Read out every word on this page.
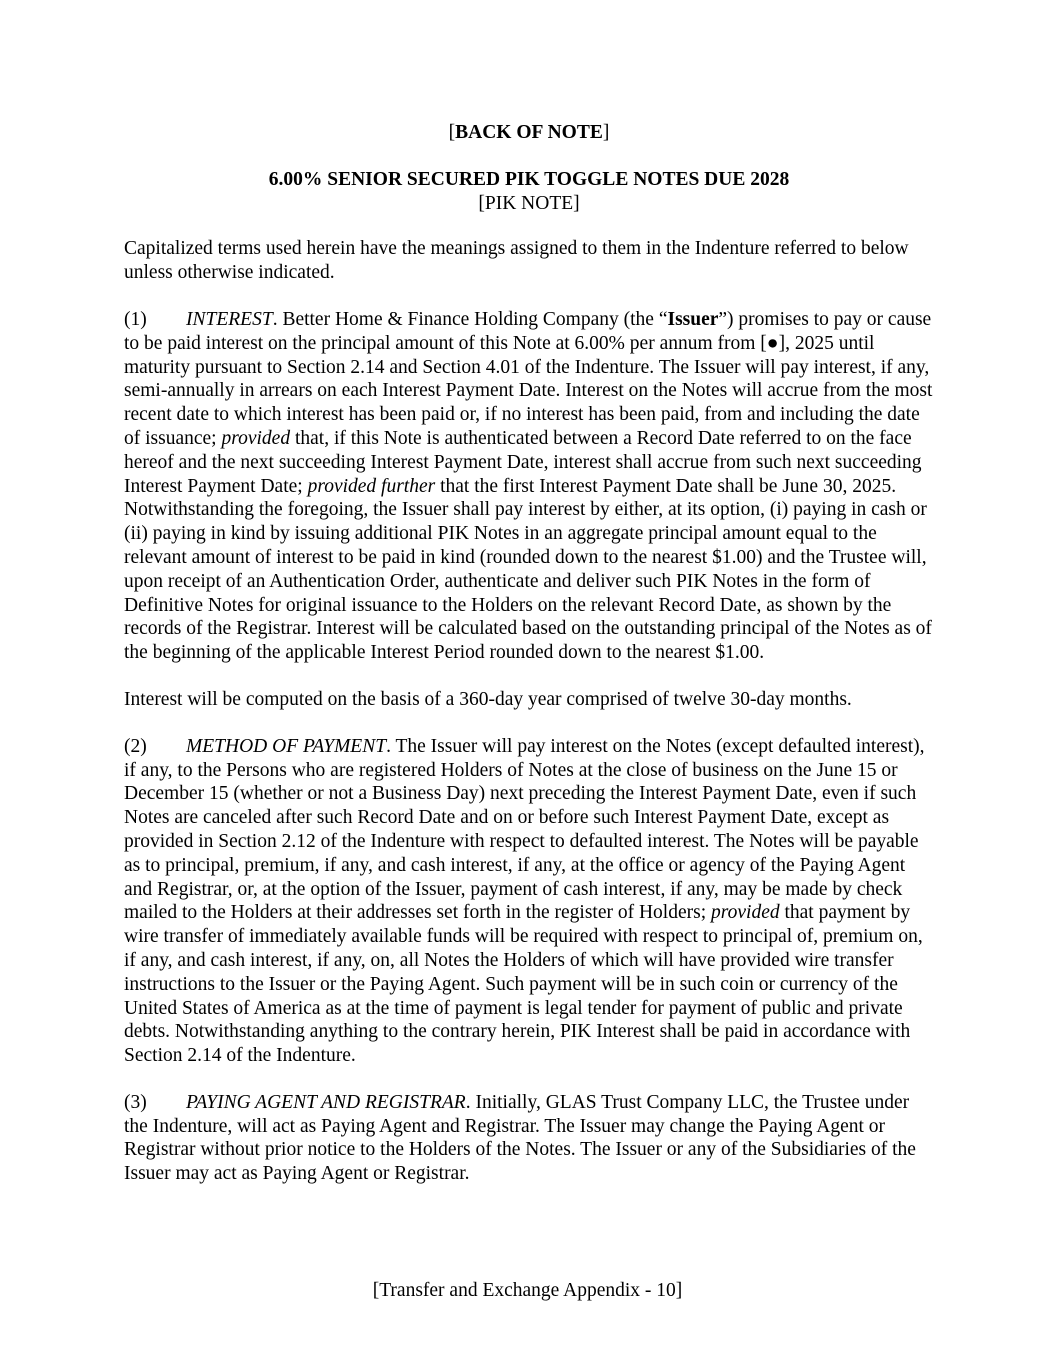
[BACK OF NOTE]

6.00% SENIOR SECURED PIK TOGGLE NOTES DUE 2028

[PIK NOTE]

Capitalized terms used herein have the meanings assigned to them in the Indenture referred to below unless otherwise indicated.

(1) INTEREST. Better Home & Finance Holding Company (the “Issuer”) promises to pay or cause to be paid interest on the principal amount of this Note at 6.00% per annum from [●], 2025 until maturity pursuant to Section 2.14 and Section 4.01 of the Indenture. The Issuer will pay interest, if any, semi-annually in arrears on each Interest Payment Date. Interest on the Notes will accrue from the most recent date to which interest has been paid or, if no interest has been paid, from and including the date of issuance; provided that, if this Note is authenticated between a Record Date referred to on the face hereof and the next succeeding Interest Payment Date, interest shall accrue from such next succeeding Interest Payment Date; provided further that the first Interest Payment Date shall be June 30, 2025. Notwithstanding the foregoing, the Issuer shall pay interest by either, at its option, (i) paying in cash or (ii) paying in kind by issuing additional PIK Notes in an aggregate principal amount equal to the relevant amount of interest to be paid in kind (rounded down to the nearest $1.00) and the Trustee will, upon receipt of an Authentication Order, authenticate and deliver such PIK Notes in the form of Definitive Notes for original issuance to the Holders on the relevant Record Date, as shown by the records of the Registrar. Interest will be calculated based on the outstanding principal of the Notes as of the beginning of the applicable Interest Period rounded down to the nearest $1.00.

Interest will be computed on the basis of a 360-day year comprised of twelve 30-day months.

(2) METHOD OF PAYMENT. The Issuer will pay interest on the Notes (except defaulted interest), if any, to the Persons who are registered Holders of Notes at the close of business on the June 15 or December 15 (whether or not a Business Day) next preceding the Interest Payment Date, even if such Notes are canceled after such Record Date and on or before such Interest Payment Date, except as provided in Section 2.12 of the Indenture with respect to defaulted interest. The Notes will be payable as to principal, premium, if any, and cash interest, if any, at the office or agency of the Paying Agent and Registrar, or, at the option of the Issuer, payment of cash interest, if any, may be made by check mailed to the Holders at their addresses set forth in the register of Holders; provided that payment by wire transfer of immediately available funds will be required with respect to principal of, premium on, if any, and cash interest, if any, on, all Notes the Holders of which will have provided wire transfer instructions to the Issuer or the Paying Agent. Such payment will be in such coin or currency of the United States of America as at the time of payment is legal tender for payment of public and private debts. Notwithstanding anything to the contrary herein, PIK Interest shall be paid in accordance with Section 2.14 of the Indenture.

(3) PAYING AGENT AND REGISTRAR. Initially, GLAS Trust Company LLC, the Trustee under the Indenture, will act as Paying Agent and Registrar. The Issuer may change the Paying Agent or Registrar without prior notice to the Holders of the Notes. The Issuer or any of the Subsidiaries of the Issuer may act as Paying Agent or Registrar.

[Transfer and Exchange Appendix - 10]
